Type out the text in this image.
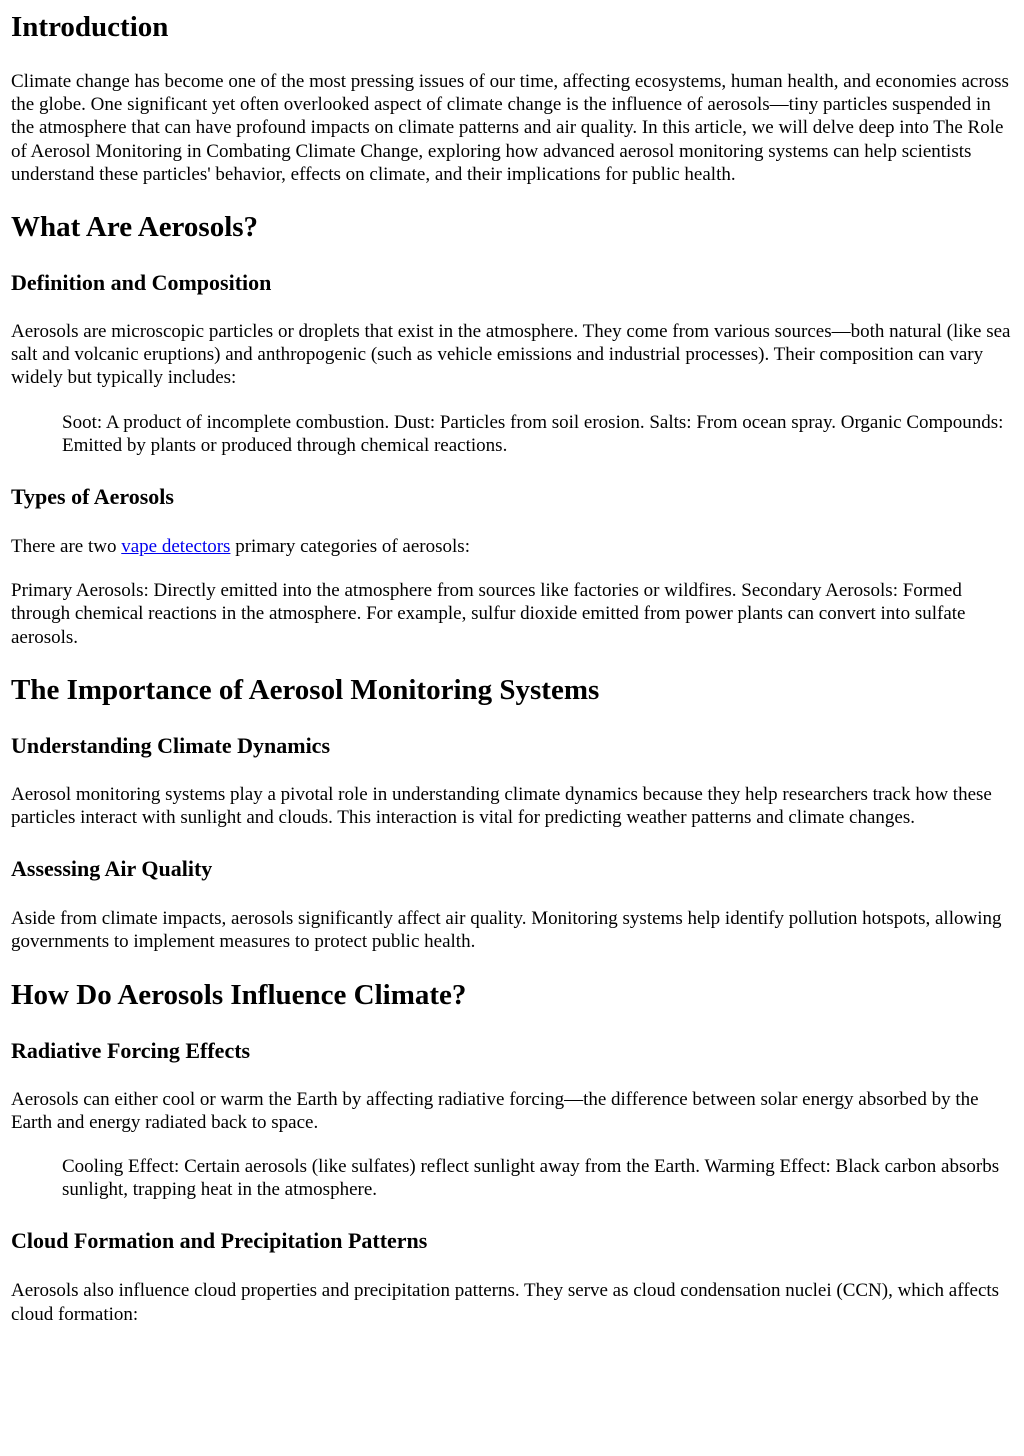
Introduction

Climate change has become one of the most pressing issues of our time, affecting ecosystems, human health, and economies across the globe. One significant yet often overlooked aspect of climate change is the influence of aerosols—tiny particles suspended in the atmosphere that can have profound impacts on climate patterns and air quality. In this article, we will delve deep into The Role of Aerosol Monitoring in Combating Climate Change, exploring how advanced aerosol monitoring systems can help scientists understand these particles' behavior, effects on climate, and their implications for public health.

What Are Aerosols?
Definition and Composition

Aerosols are microscopic particles or droplets that exist in the atmosphere. They come from various sources—both natural (like sea salt and volcanic eruptions) and anthropogenic (such as vehicle emissions and industrial processes). Their composition can vary widely but typically includes:

Soot: A product of incomplete combustion. Dust: Particles from soil erosion. Salts: From ocean spray. Organic Compounds: Emitted by plants or produced through chemical reactions.
Types of Aerosols

There are two vape detectors primary categories of aerosols:

Primary Aerosols: Directly emitted into the atmosphere from sources like factories or wildfires. Secondary Aerosols: Formed through chemical reactions in the atmosphere. For example, sulfur dioxide emitted from power plants can convert into sulfate aerosols.

The Importance of Aerosol Monitoring Systems
Understanding Climate Dynamics

Aerosol monitoring systems play a pivotal role in understanding climate dynamics because they help researchers track how these particles interact with sunlight and clouds. This interaction is vital for predicting weather patterns and climate changes.

Assessing Air Quality

Aside from climate impacts, aerosols significantly affect air quality. Monitoring systems help identify pollution hotspots, allowing governments to implement measures to protect public health.

How Do Aerosols Influence Climate?
Radiative Forcing Effects

Aerosols can either cool or warm the Earth by affecting radiative forcing—the difference between solar energy absorbed by the Earth and energy radiated back to space.

Cooling Effect: Certain aerosols (like sulfates) reflect sunlight away from the Earth. Warming Effect: Black carbon absorbs sunlight, trapping heat in the atmosphere.
Cloud Formation and Precipitation Patterns

Aerosols also influence cloud properties and precipitation patterns. They serve as cloud condensation nuclei (CCN), which affects cloud formation:
